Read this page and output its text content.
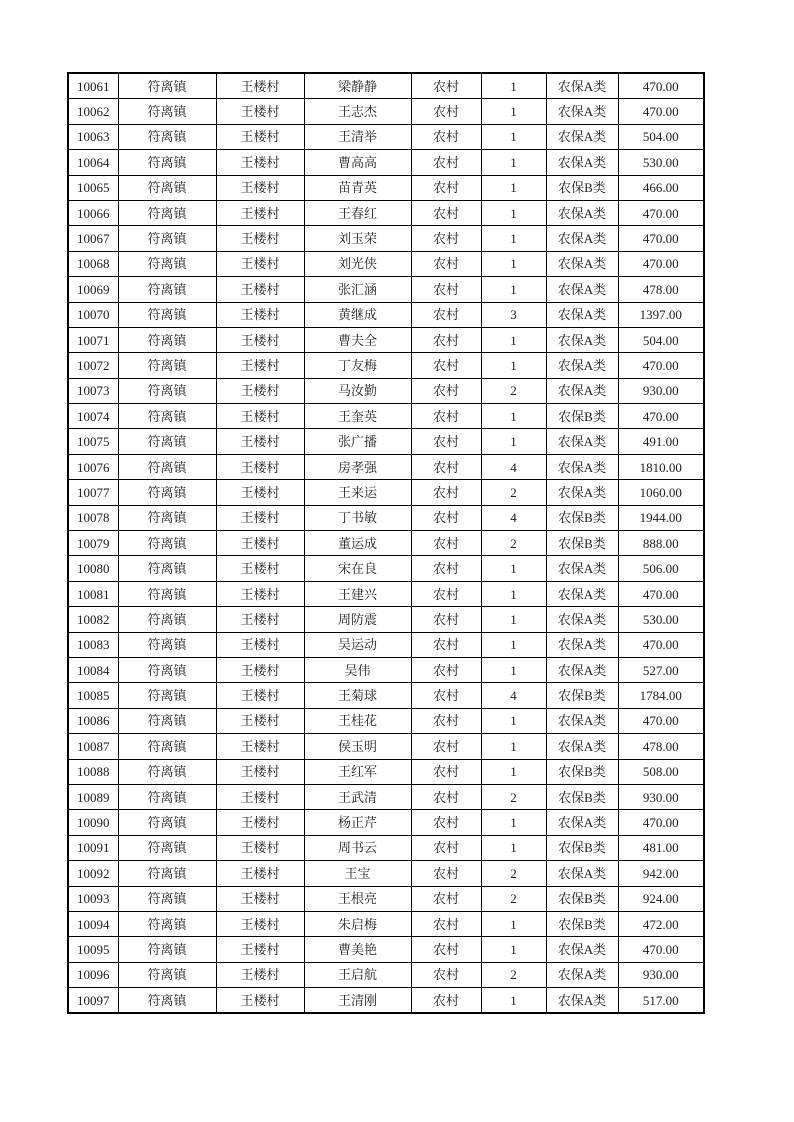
10061	符离镇	王楼村	梁静静	农村	1	农保A类	470.00
10062	符离镇	王楼村	王志杰	农村	1	农保A类	470.00
10063	符离镇	王楼村	王清举	农村	1	农保A类	504.00
10064	符离镇	王楼村	曹高高	农村	1	农保A类	530.00
10065	符离镇	王楼村	苗青英	农村	1	农保B类	466.00
10066	符离镇	王楼村	王春红	农村	1	农保A类	470.00
10067	符离镇	王楼村	刘玉荣	农村	1	农保A类	470.00
10068	符离镇	王楼村	刘光侠	农村	1	农保A类	470.00
10069	符离镇	王楼村	张汇涵	农村	1	农保A类	478.00
10070	符离镇	王楼村	黄继成	农村	3	农保A类	1397.00
10071	符离镇	王楼村	曹夫全	农村	1	农保A类	504.00
10072	符离镇	王楼村	丁友梅	农村	1	农保A类	470.00
10073	符离镇	王楼村	马汝勤	农村	2	农保A类	930.00
10074	符离镇	王楼村	王奎英	农村	1	农保B类	470.00
10075	符离镇	王楼村	张广播	农村	1	农保A类	491.00
10076	符离镇	王楼村	房孝强	农村	4	农保A类	1810.00
10077	符离镇	王楼村	王来运	农村	2	农保A类	1060.00
10078	符离镇	王楼村	丁书敏	农村	4	农保B类	1944.00
10079	符离镇	王楼村	董运成	农村	2	农保B类	888.00
10080	符离镇	王楼村	宋在良	农村	1	农保A类	506.00
10081	符离镇	王楼村	王建兴	农村	1	农保A类	470.00
10082	符离镇	王楼村	周防震	农村	1	农保A类	530.00
10083	符离镇	王楼村	吴运动	农村	1	农保A类	470.00
10084	符离镇	王楼村	吴伟	农村	1	农保A类	527.00
10085	符离镇	王楼村	王菊球	农村	4	农保B类	1784.00
10086	符离镇	王楼村	王桂花	农村	1	农保A类	470.00
10087	符离镇	王楼村	侯玉明	农村	1	农保A类	478.00
10088	符离镇	王楼村	王红军	农村	1	农保B类	508.00
10089	符离镇	王楼村	王武清	农村	2	农保B类	930.00
10090	符离镇	王楼村	杨正芹	农村	1	农保A类	470.00
10091	符离镇	王楼村	周书云	农村	1	农保B类	481.00
10092	符离镇	王楼村	王宝	农村	2	农保A类	942.00
10093	符离镇	王楼村	王根亮	农村	2	农保B类	924.00
10094	符离镇	王楼村	朱启梅	农村	1	农保B类	472.00
10095	符离镇	王楼村	曹美艳	农村	1	农保A类	470.00
10096	符离镇	王楼村	王启航	农村	2	农保A类	930.00
10097	符离镇	王楼村	王清刚	农村	1	农保A类	517.00
